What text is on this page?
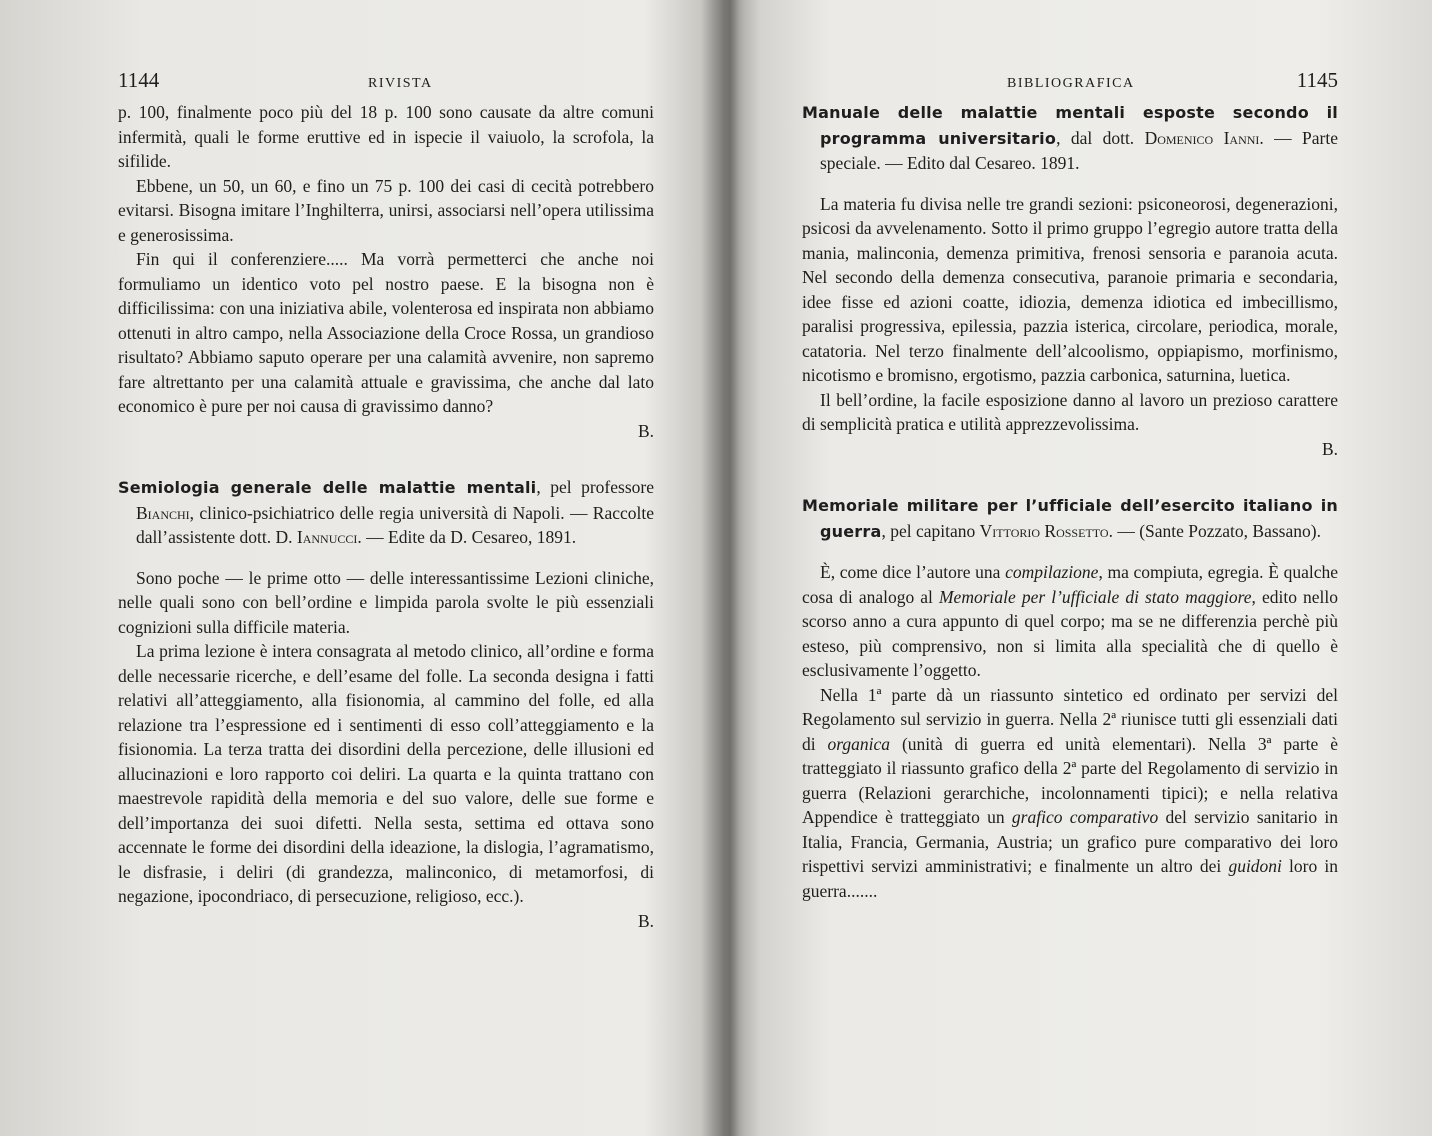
1144	RIVISTA

p. 100, finalmente poco più del 18 p. 100 sono causate da altre comuni infermità, quali le forme eruttive ed in ispecie il vaiuolo, la scrofola, la sifilide.

Ebbene, un 50, un 60, e fino un 75 p. 100 dei casi di cecità potrebbero evitarsi. Bisogna imitare l’Inghilterra, unirsi, associarsi nell’opera utilissima e generosissima.

Fin qui il conferenziere..... Ma vorrà permetterci che anche noi formuliamo un identico voto pel nostro paese. E la bisogna non è difficilissima: con una iniziativa abile, volenterosa ed inspirata non abbiamo ottenuti in altro campo, nella Associazione della Croce Rossa, un grandioso risultato? Abbiamo saputo operare per una calamità avvenire, non sapremo fare altrettanto per una calamità attuale e gravissima, che anche dal lato economico è pure per noi causa di gravissimo danno?

B.
Semiologia generale delle malattie mentali, pel professore Bianchi, clinico-psichiatrico delle regia università di Napoli. — Raccolte dall’assistente dott. D. Iannucci. — Edite da D. Cesareo, 1891.

Sono poche — le prime otto — delle interessantissime Lezioni cliniche, nelle quali sono con bell’ordine e limpida parola svolte le più essenziali cognizioni sulla difficile materia.

La prima lezione è intera consagrata al metodo clinico, all’ordine e forma delle necessarie ricerche, e dell’esame del folle. La seconda designa i fatti relativi all’atteggiamento, alla fisionomia, al cammino del folle, ed alla relazione tra l’espressione ed i sentimenti di esso coll’atteggiamento e la fisionomia. La terza tratta dei disordini della percezione, delle illusioni ed allucinazioni e loro rapporto coi deliri. La quarta e la quinta trattano con maestrevole rapidità della memoria e del suo valore, delle sue forme e dell’importanza dei suoi difetti. Nella sesta, settima ed ottava sono accennate le forme dei disordini della ideazione, la dislogia, l’agramatismo, le disfrasie, i deliri (di grandezza, malinconico, di metamorfosi, di negazione, ipocondriaco, di persecuzione, religioso, ecc.).

B.
BIBLIOGRAFICA	1145
Manuale delle malattie mentali esposte secondo il programma universitario, dal dott. Domenico Ianni. — Parte speciale. — Edito dal Cesareo. 1891.

La materia fu divisa nelle tre grandi sezioni: psiconeorosi, degenerazioni, psicosi da avvelenamento. Sotto il primo gruppo l’egregio autore tratta della mania, malinconia, demenza primitiva, frenosi sensoria e paranoia acuta. Nel secondo della demenza consecutiva, paranoie primaria e secondaria, idee fisse ed azioni coatte, idiozia, demenza idiotica ed imbecillismo, paralisi progressiva, epilessia, pazzia isterica, circolare, periodica, morale, catatoria. Nel terzo finalmente dell’alcoolismo, oppiapismo, morfinismo, nicotismo e bromisno, ergotismo, pazzia carbonica, saturnina, luetica.

Il bell’ordine, la facile esposizione danno al lavoro un prezioso carattere di semplicità pratica e utilità apprezzevolissima.

B.
Memoriale militare per l’ufficiale dell’esercito italiano in guerra, pel capitano Vittorio Rossetto. — (Sante Pozzato, Bassano).

È, come dice l’autore una compilazione, ma compiuta, egregia. È qualche cosa di analogo al Memoriale per l’ufficiale di stato maggiore, edito nello scorso anno a cura appunto di quel corpo; ma se ne differenzia perchè più esteso, più comprensivo, non si limita alla specialità che di quello è esclusivamente l’oggetto.

Nella 1ª parte dà un riassunto sintetico ed ordinato per servizi del Regolamento sul servizio in guerra. Nella 2ª riunisce tutti gli essenziali dati di organica (unità di guerra ed unità elementari). Nella 3ª parte è tratteggiato il riassunto grafico della 2ª parte del Regolamento di servizio in guerra (Relazioni gerarchiche, incolonnamenti tipici); e nella relativa Appendice è tratteggiato un grafico comparativo del servizio sanitario in Italia, Francia, Germania, Austria; un grafico pure comparativo dei loro rispettivi servizi amministrativi; e finalmente un altro dei guidoni loro in guerra.......
